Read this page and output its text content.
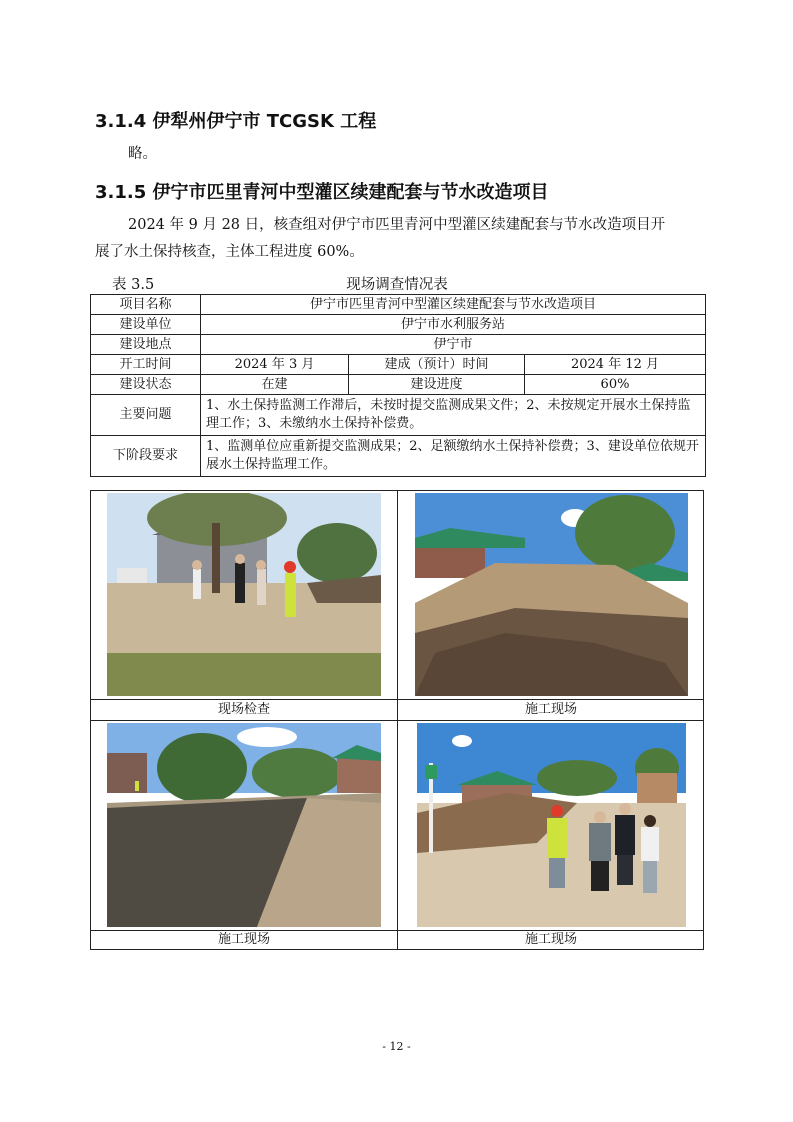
3.1.4 伊犁州伊宁市 TCGSK 工程
略。
3.1.5 伊宁市匹里青河中型灌区续建配套与节水改造项目
2024 年 9 月 28 日，核查组对伊宁市匹里青河中型灌区续建配套与节水改造项目开
展了水土保持核查，主体工程进度 60%。
表 3.5	现场调查情况表
项目名称	伊宁市匹里青河中型灌区续建配套与节水改造项目		
建设单位	伊宁市水利服务站		
建设地点	伊宁市		
开工时间	2024 年 3 月	建成（预计）时间	2024 年 12 月
建设状态	在建	建设进度	60%
主要问题	1、水土保持监测工作滞后，未按时提交监测成果文件；2、未按规定开展水土保持监理工作；3、未缴纳水土保持补偿费。		
下阶段要求	1、监测单位应重新提交监测成果；2、足额缴纳水土保持补偿费；3、建设单位依规开展水土保持监理工作。		
现场检查	施工现场
施工现场	施工现场
- 12 -
